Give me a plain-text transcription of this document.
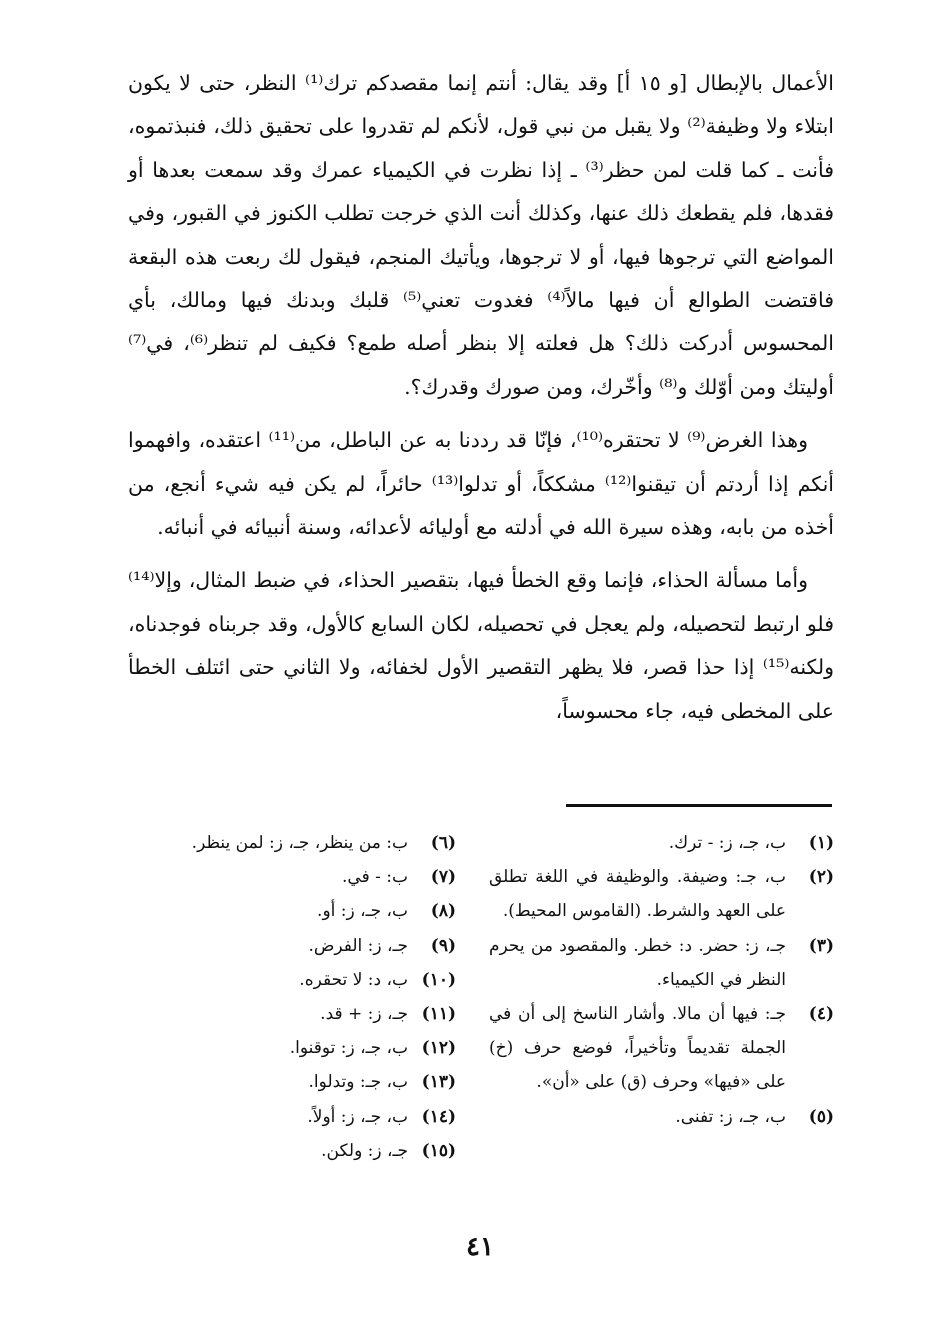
الأعمال بالإبطال [و ١٥ أ] وقد يقال: أنتم إنما مقصدكم ترك⁽¹⁾ النظر، حتى لا يكون ابتلاء ولا وظيفة⁽²⁾ ولا يقبل من نبي قول، لأنكم لم تقدروا على تحقيق ذلك، فنبذتموه، فأنت ـ كما قلت لمن حظر⁽³⁾ ـ إذا نظرت في الكيمياء عمرك وقد سمعت بعدها أو فقدها، فلم يقطعك ذلك عنها، وكذلك أنت الذي خرجت تطلب الكنوز في القبور، وفي المواضع التي ترجوها فيها، أو لا ترجوها، ويأتيك المنجم، فيقول لك ربعت هذه البقعة فاقتضت الطوالع أن فيها مالاً⁽⁴⁾ فغدوت تعني⁽⁵⁾ قلبك وبدنك فيها ومالك، بأي المحسوس أدركت ذلك؟ هل فعلته إلا بنظر أصله طمع؟ فكيف لم تنظر⁽⁶⁾، في⁽⁷⁾ أوليتك ومن أوّلك و⁽⁸⁾ وأخّرك، ومن صورك وقدرك؟.

وهذا الغرض⁽⁹⁾ لا تحتقره⁽¹⁰⁾، فإنّا قد رددنا به عن الباطل، من⁽¹¹⁾ اعتقده، وافهموا أنكم إذا أردتم أن تيقنوا⁽¹²⁾ مشككاً، أو تدلوا⁽¹³⁾ حائراً، لم يكن فيه شيء أنجع، من أخذه من بابه، وهذه سيرة الله في أدلته مع أوليائه لأعدائه، وسنة أنبيائه في أنبائه.

وأما مسألة الحذاء، فإنما وقع الخطأ فيها، بتقصير الحذاء، في ضبط المثال، وإلا⁽¹⁴⁾ فلو ارتبط لتحصيله، ولم يعجل في تحصيله، لكان السابع كالأول، وقد جربناه فوجدناه، ولكنه⁽¹⁵⁾ إذا حذا قصر، فلا يظهر التقصير الأول لخفائه، ولا الثاني حتى ائتلف الخطأ على المخطى فيه، جاء محسوساً،

(١)
ب، جـ، ز: - ترك.
(٢)
ب، جـ: وضيفة. والوظيفة في اللغة تطلق على العهد والشرط. (القاموس المحيط).
(٣)
جـ، ز: حضر. د: خطر. والمقصود من يحرم النظر في الكيمياء.
(٤)
جـ: فيها أن مالا. وأشار الناسخ إلى أن في الجملة تقديماً وتأخيراً، فوضع حرف (خ) على «فيها» وحرف (ق) على «أن».
(٥)
ب، جـ، ز: تفنى.
(٦)
ب: من ينظر، جـ، ز: لمن ينظر.
(٧)
ب: - في.
(٨)
ب، جـ، ز: أو.
(٩)
جـ، ز: الفرض.
(١٠)
ب، د: لا تحقره.
(١١)
جـ، ز: + قد.
(١٢)
ب، جـ، ز: توقنوا.
(١٣)
ب، جـ: وتدلوا.
(١٤)
ب، جـ، ز: أولاً.
(١٥)
جـ، ز: ولكن.
٤١
